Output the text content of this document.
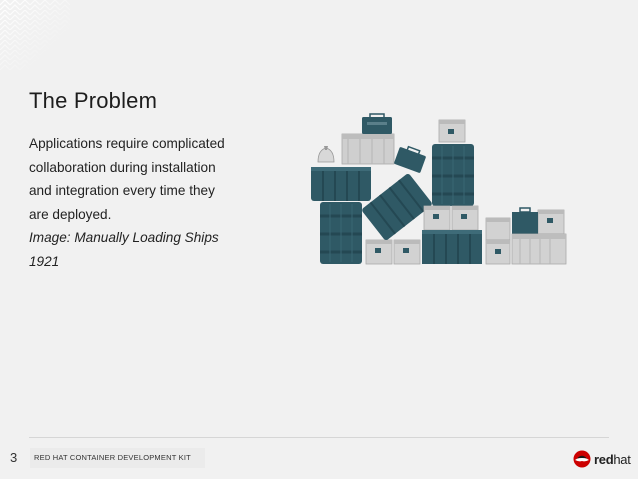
The Problem
Applications require complicated
collaboration during installation
and integration every time they
are deployed.
Image: Manually Loading Ships
1921
3	RED HAT CONTAINER DEVELOPMENT KIT	redhat
